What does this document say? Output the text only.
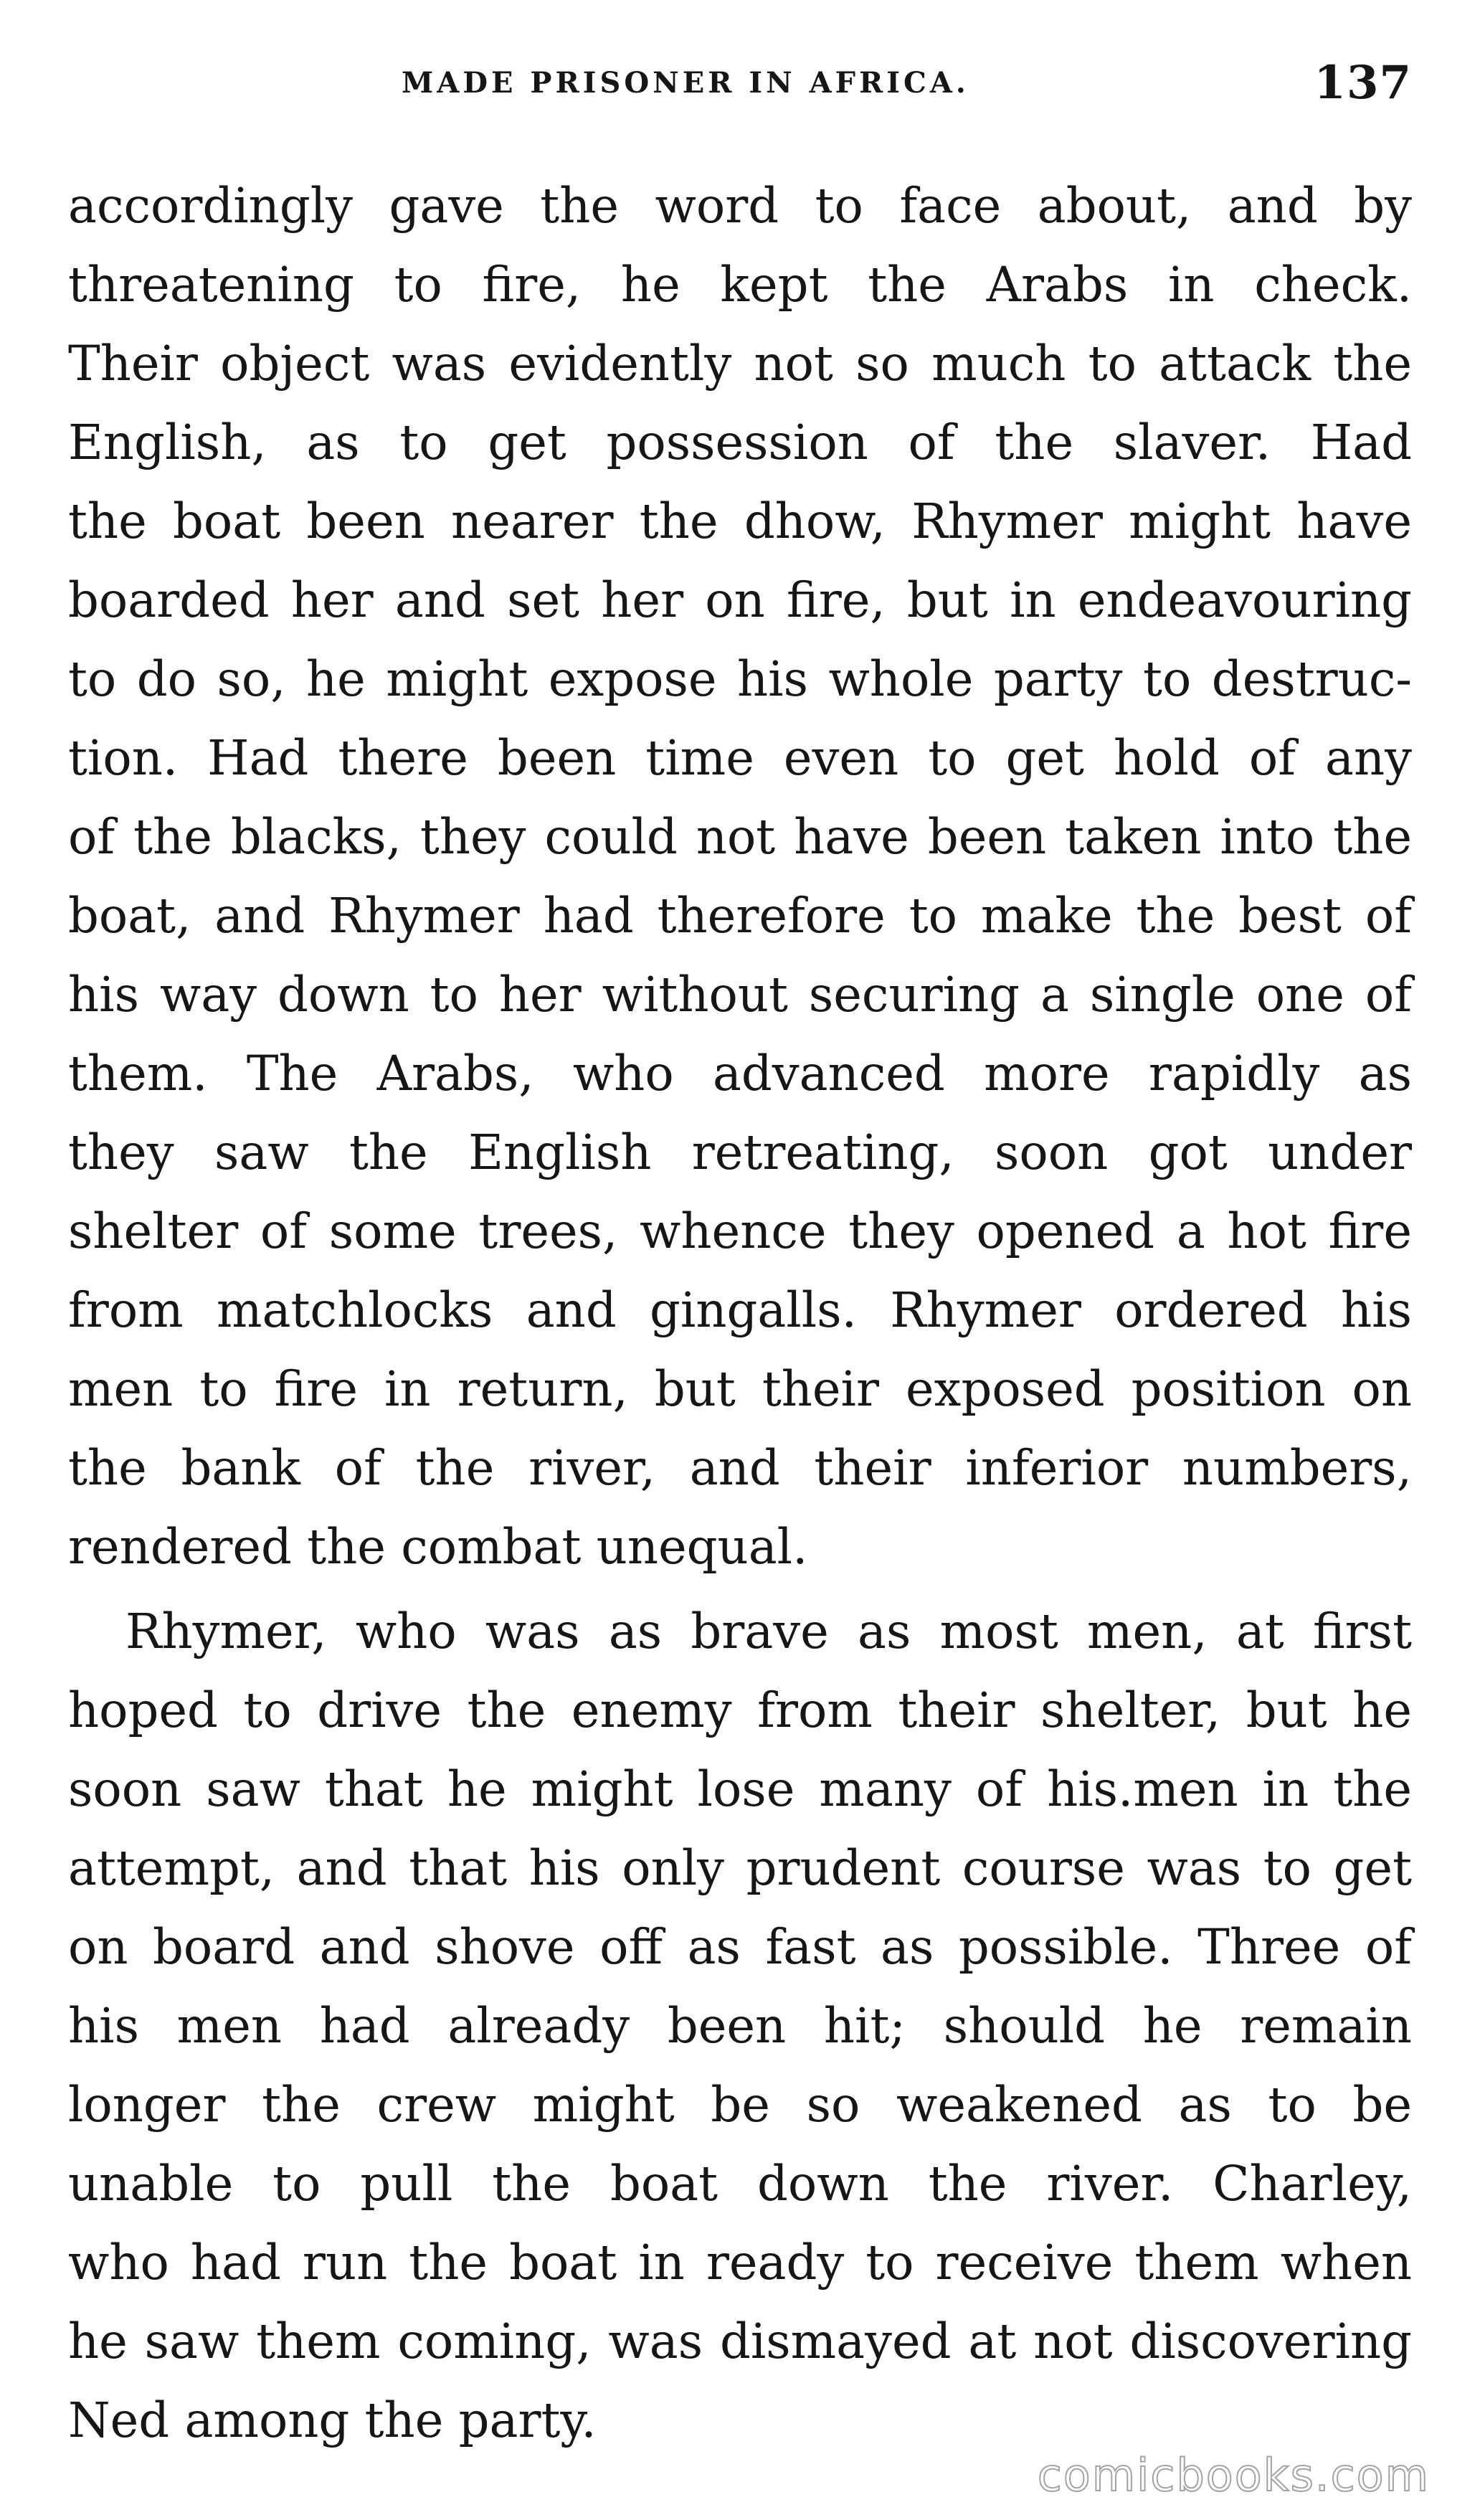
MADE PRISONER IN AFRICA.	137
accordingly gave the word to face about, and by
threatening to fire, he kept the Arabs in check.
Their object was evidently not so much to attack the
English, as to get possession of the slaver. Had
the boat been nearer the dhow, Rhymer might have
boarded her and set her on fire, but in endeavouring
to do so, he might expose his whole party to destruc-
tion. Had there been time even to get hold of any
of the blacks, they could not have been taken into the
boat, and Rhymer had therefore to make the best of
his way down to her without securing a single one of
them. The Arabs, who advanced more rapidly as
they saw the English retreating, soon got under
shelter of some trees, whence they opened a hot fire
from matchlocks and gingalls. Rhymer ordered his
men to fire in return, but their exposed position on
the bank of the river, and their inferior numbers,
rendered the combat unequal.
Rhymer, who was as brave as most men, at first
hoped to drive the enemy from their shelter, but he
soon saw that he might lose many of his.men in the
attempt, and that his only prudent course was to get
on board and shove off as fast as possible. Three of
his men had already been hit; should he remain
longer the crew might be so weakened as to be
unable to pull the boat down the river. Charley,
who had run the boat in ready to receive them when
he saw them coming, was dismayed at not discovering
Ned among the party.
comicbooks.com
